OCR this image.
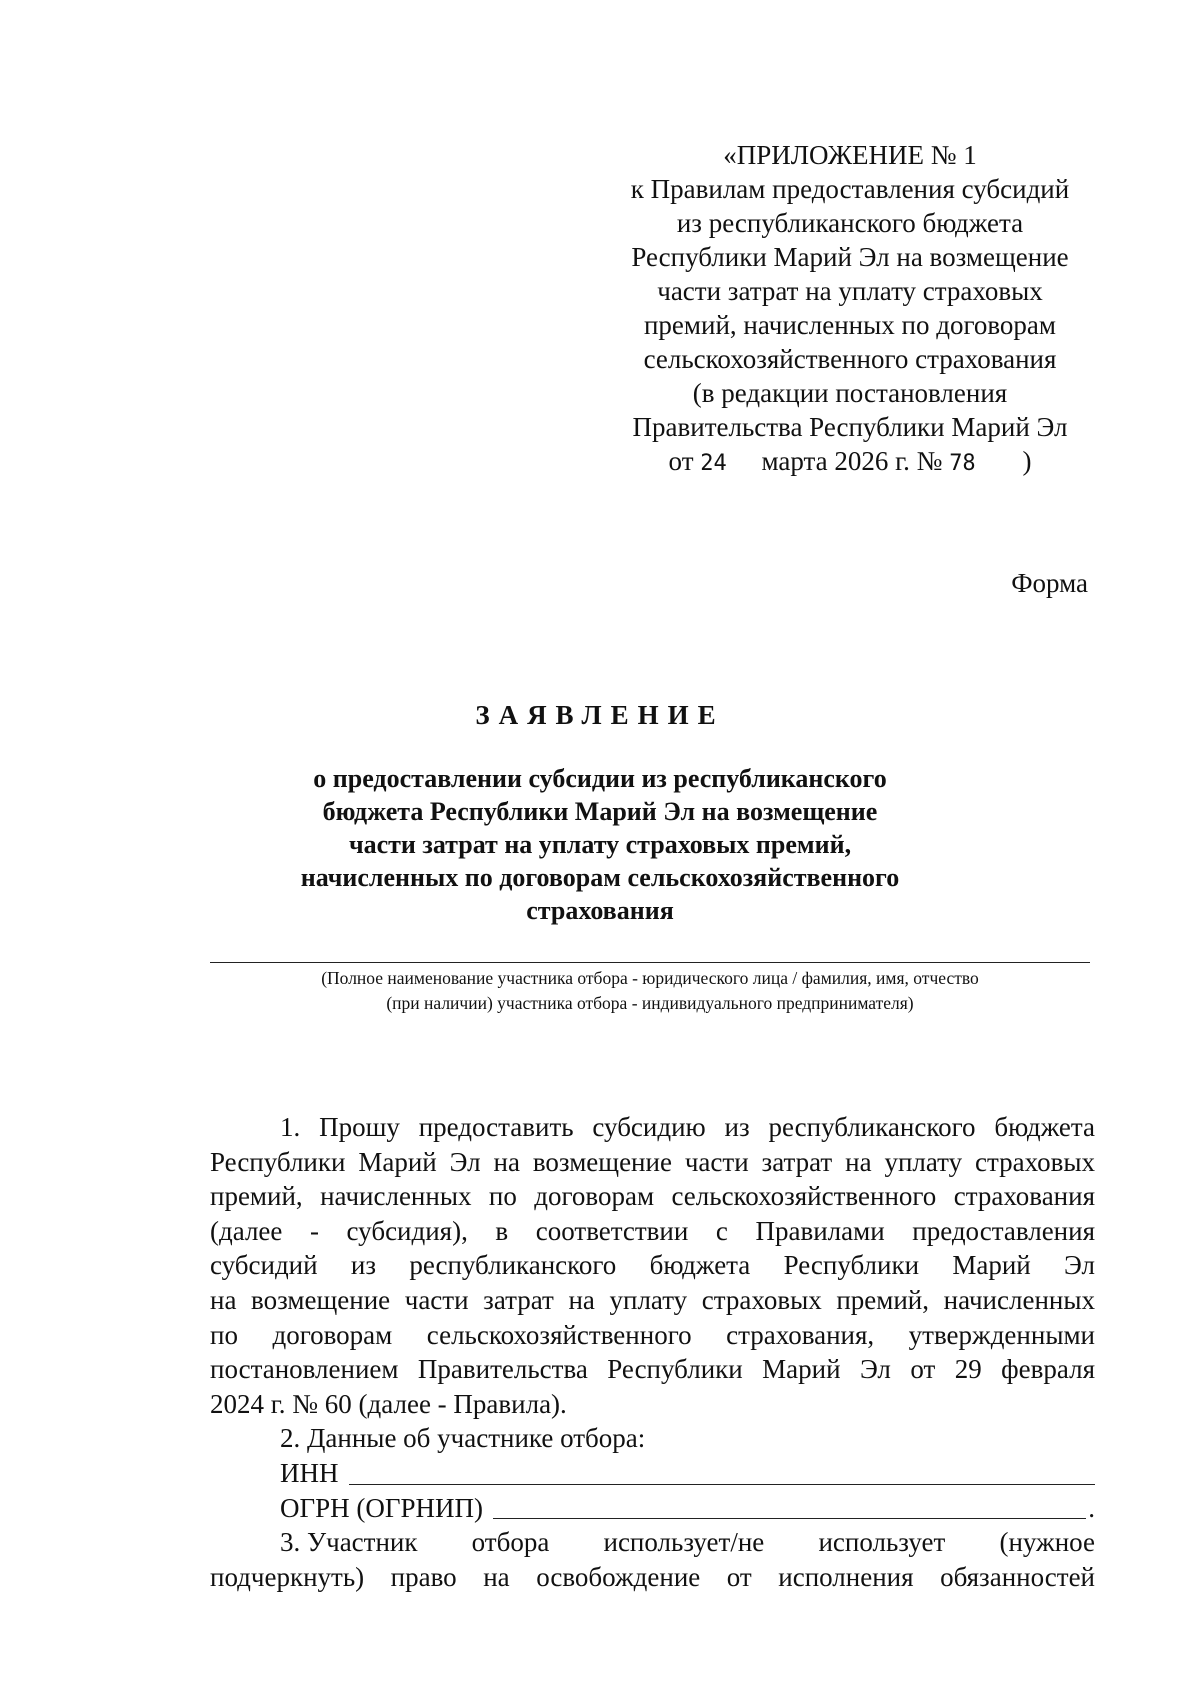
«ПРИЛОЖЕНИЕ № 1
к Правилам предоставления субсидий
из республиканского бюджета
Республики Марий Эл на возмещение
части затрат на уплату страховых
премий, начисленных по договорам
сельскохозяйственного страхования
(в редакции постановления
Правительства Республики Марий Эл
от 24 марта 2026 г. № 78 )
Форма
ЗАЯВЛЕНИЕ
о предоставлении субсидии из республиканского
бюджета Республики Марий Эл на возмещение
части затрат на уплату страховых премий,
начисленных по договорам сельскохозяйственного
страхования
(Полное наименование участника отбора - юридического лица / фамилия, имя, отчество
(при наличии) участника отбора - индивидуального предпринимателя)
1. Прошу предоставить субсидию из республиканского бюджета
Республики Марий Эл на возмещение части затрат на уплату страховых
премий, начисленных по договорам сельскохозяйственного страхования
(далее - субсидия), в соответствии с Правилами предоставления
субсидий из республиканского бюджета Республики Марий Эл
на возмещение части затрат на уплату страховых премий, начисленных
по договорам сельскохозяйственного страхования, утвержденными
постановлением Правительства Республики Марий Эл от 29 февраля
2024 г. № 60 (далее - Правила).
2. Данные об участнике отбора:
ИНН
ОГРН (ОГРНИП)	.
3. Участник отбора использует/не использует (нужное
подчеркнуть) право на освобождение от исполнения обязанностей
